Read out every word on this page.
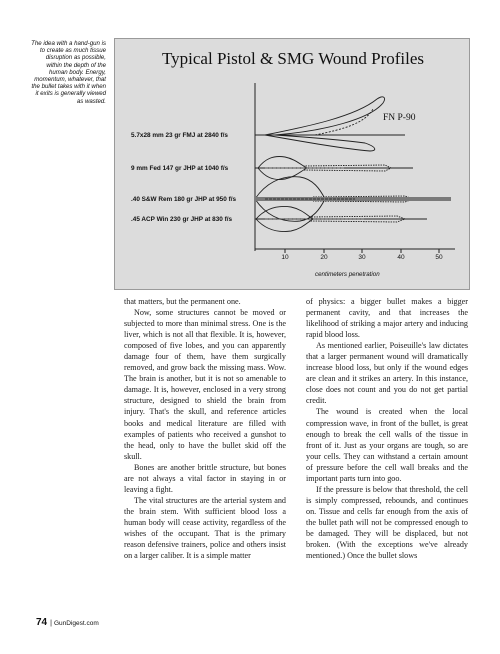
The idea with a hand-gun is to create as much tissue disruption as possible, within the depth of the human body. Energy, momentum, whatever, that the bullet takes with it when it exits is generally viewed as wasted.
Typical Pistol & SMG Wound Profiles
FN P-90
5.7x28 mm 23 gr FMJ at 2840 f/s
9 mm Fed 147 gr JHP at 1040 f/s
.40 S&W Rem 180 gr JHP at 950 f/s
.45 ACP Win 230 gr JHP at 830 f/s
10	20	30	40	50
centimeters penetration

that matters, but the permanent one.

Now, some structures cannot be moved or subjected to more than minimal stress. One is the liver, which is not all that flexible. It is, however, composed of five lobes, and you can apparently damage four of them, have them surgically removed, and grow back the missing mass. Wow. The brain is another, but it is not so amenable to damage. It is, however, enclosed in a very strong structure, designed to shield the brain from injury. That's the skull, and reference articles books and medical literature are filled with examples of patients who received a gunshot to the head, only to have the bullet skid off the skull.

Bones are another brittle structure, but bones are not always a vital factor in staying in or leaving a fight.

The vital structures are the arterial system and the brain stem. With sufficient blood loss a human body will cease activity, regardless of the wishes of the occupant. That is the primary reason defensive trainers, police and others insist on a larger caliber. It is a simple matter

of physics: a bigger bullet makes a bigger permanent cavity, and that increases the likelihood of striking a major artery and inducing rapid blood loss.

As mentioned earlier, Poiseuille's law dictates that a larger permanent wound will dramatically increase blood loss, but only if the wound edges are clean and it strikes an artery. In this instance, close does not count and you do not get partial credit.

The wound is created when the local compression wave, in front of the bullet, is great enough to break the cell walls of the tissue in front of it. Just as your organs are tough, so are your cells. They can withstand a certain amount of pressure before the cell wall breaks and the important parts turn into goo.

If the pressure is below that threshold, the cell is simply compressed, rebounds, and continues on. Tissue and cells far enough from the axis of the bullet path will not be compressed enough to be damaged. They will be displaced, but not broken. (With the exceptions we've already mentioned.) Once the bullet slows

74 | GunDigest.com
